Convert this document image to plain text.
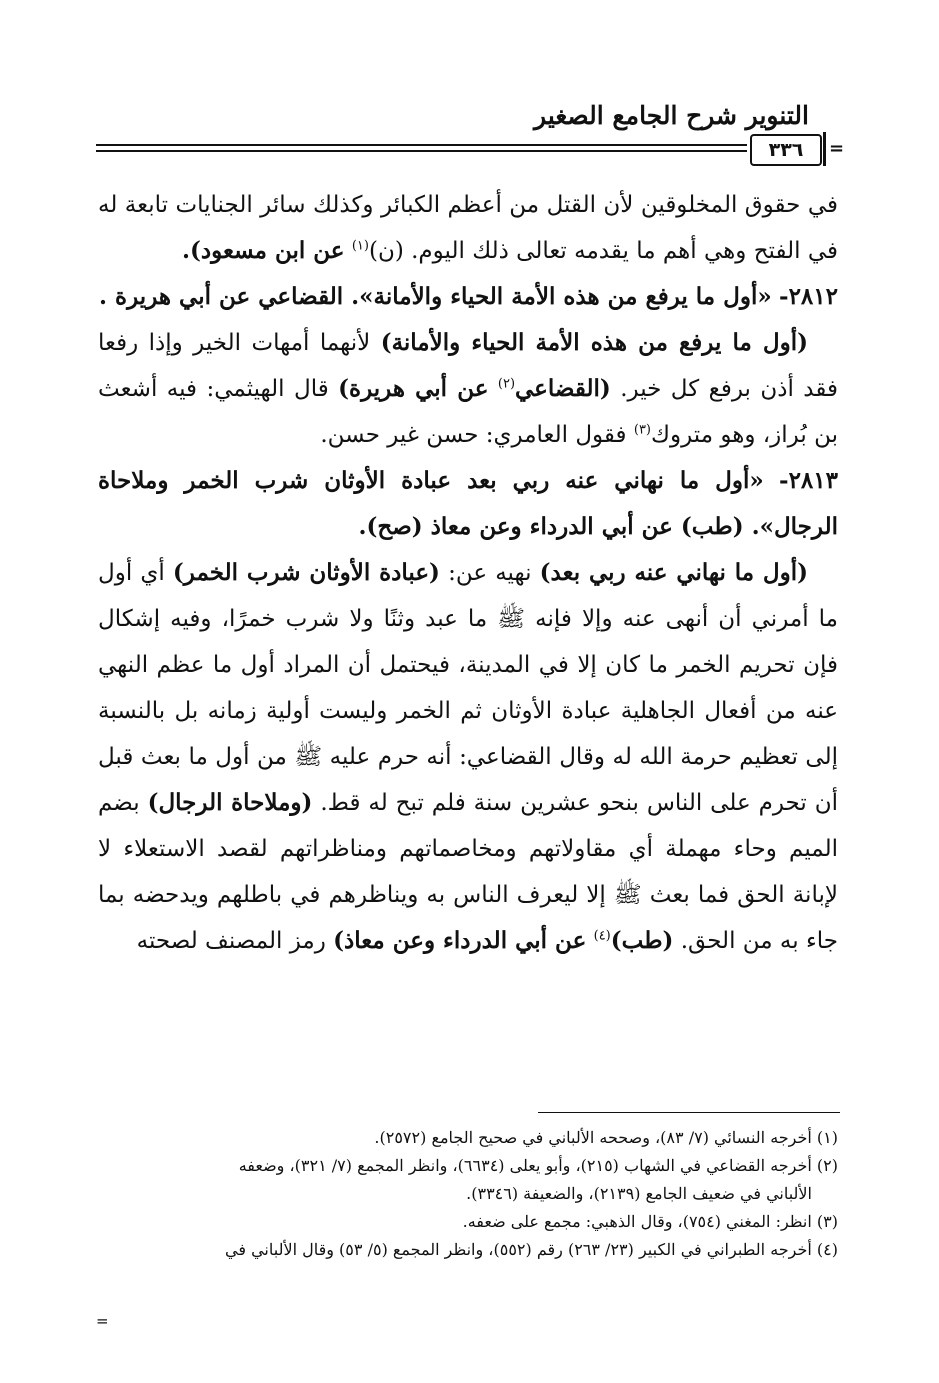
التنوير شرح الجامع الصغير
٣٣٦	=

في حقوق المخلوقين لأن القتل من أعظم الكبائر وكذلك سائر الجنايات تابعة له في الفتح وهي أهم ما يقدمه تعالى ذلك اليوم. (ن)$^{(١)}$ عن ابن مسعود).

٢٨١٢- «أول ما يرفع من هذه الأمة الحياء والأمانة». القضاعي عن أبي هريرة .

(أول ما يرفع من هذه الأمة الحياء والأمانة) لأنهما أمهات الخير وإذا رفعا فقد أذن برفع كل خير. (القضاعي$^{(٢)}$ عن أبي هريرة) قال الهيثمي: فيه أشعث بن بُراز، وهو متروك$^{(٣)}$ فقول العامري: حسن غير حسن.

٢٨١٣- «أول ما نهاني عنه ربي بعد عبادة الأوثان شرب الخمر وملاحاة الرجال». (طب) عن أبي الدرداء وعن معاذ (صح).

(أول ما نهاني عنه ربي بعد) نهيه عن: (عبادة الأوثان شرب الخمر) أي أول ما أمرني أن أنهى عنه وإلا فإنه ﷺ ما عبد وثنًا ولا شرب خمرًا، وفيه إشكال فإن تحريم الخمر ما كان إلا في المدينة، فيحتمل أن المراد أول ما عظم النهي عنه من أفعال الجاهلية عبادة الأوثان ثم الخمر وليست أولية زمانه بل بالنسبة إلى تعظيم حرمة الله له وقال القضاعي: أنه حرم عليه ﷺ من أول ما بعث قبل أن تحرم على الناس بنحو عشرين سنة فلم تبح له قط. (وملاحاة الرجال) بضم الميم وحاء مهملة أي مقاولاتهم ومخاصماتهم ومناظراتهم لقصد الاستعلاء لا لإبانة الحق فما بعث ﷺ إلا ليعرف الناس به ويناظرهم في باطلهم ويدحضه بما جاء به من الحق. (طب)$^{(٤)}$ عن أبي الدرداء وعن معاذ) رمز المصنف لصحته

(١) أخرجه النسائي (٧/ ٨٣)، وصححه الألباني في صحيح الجامع (٢٥٧٢).

(٢) أخرجه القضاعي في الشهاب (٢١٥)، وأبو يعلى (٦٦٣٤)، وانظر المجمع (٧/ ٣٢١)، وضعفه

الألباني في ضعيف الجامع (٢١٣٩)، والضعيفة (٣٣٤٦).

(٣) انظر: المغني (٧٥٤)، وقال الذهبي: مجمع على ضعفه.

(٤) أخرجه الطبراني في الكبير (٢٣/ ٢٦٣) رقم (٥٥٢)، وانظر المجمع (٥/ ٥٣) وقال الألباني في

=
